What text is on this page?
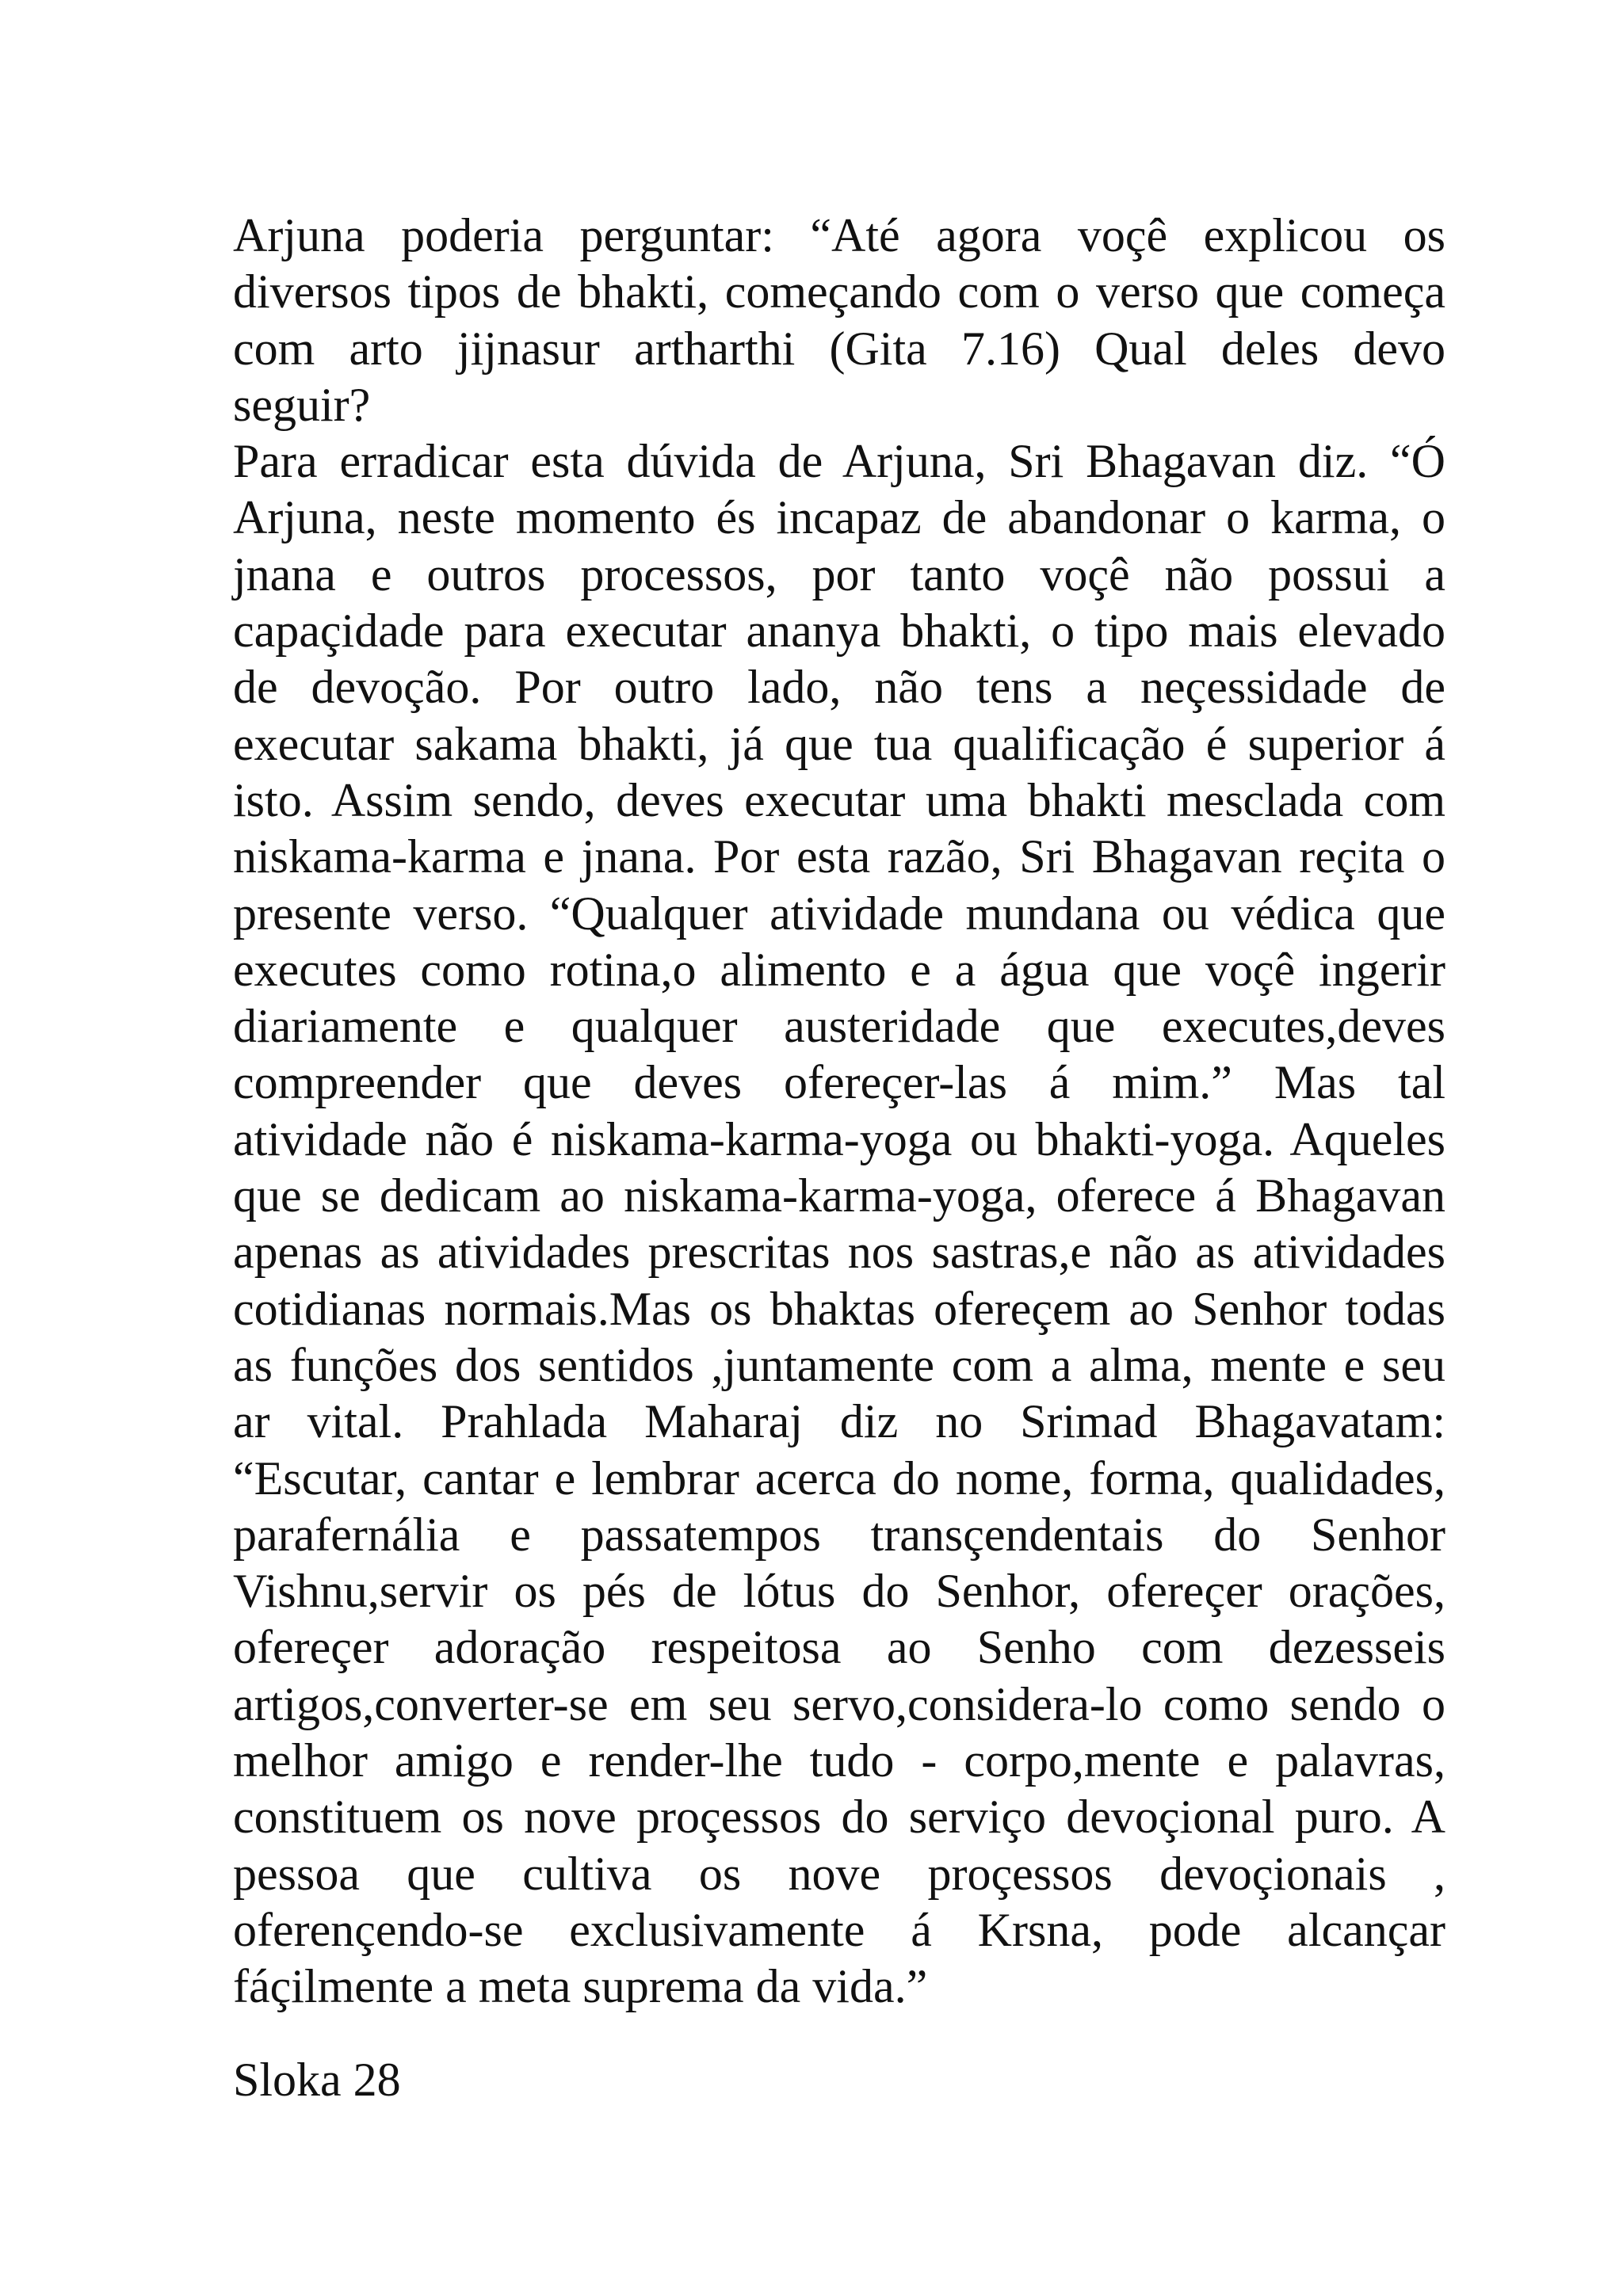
Arjuna poderia perguntar: “Até agora voçê explicou os
diversos tipos de bhakti, começando com o verso que começa
com arto jijnasur artharthi (Gita 7.16) Qual deles devo
seguir?
Para erradicar esta dúvida de Arjuna, Sri Bhagavan diz. “Ó
Arjuna, neste momento és incapaz de abandonar o karma, o
jnana e outros processos, por tanto voçê não possui a
capaçidade para executar ananya bhakti, o tipo mais elevado
de devoção. Por outro lado, não tens a neçessidade de
executar sakama bhakti, já que tua qualificação é superior á
isto. Assim sendo, deves executar uma bhakti mesclada com
niskama-karma e jnana. Por esta razão, Sri Bhagavan reçita o
presente verso. “Qualquer atividade mundana ou védica que
executes como rotina,o alimento e a água que voçê ingerir
diariamente e qualquer austeridade que executes,deves
compreender que deves ofereçer-las á mim.” Mas tal
atividade não é niskama-karma-yoga ou bhakti-yoga. Aqueles
que se dedicam ao niskama-karma-yoga, oferece á Bhagavan
apenas as atividades prescritas nos sastras,e não as atividades
cotidianas normais.Mas os bhaktas ofereçem ao Senhor todas
as funções dos sentidos ,juntamente com a alma, mente e seu
ar vital. Prahlada Maharaj diz no Srimad Bhagavatam:
“Escutar, cantar e lembrar acerca do nome, forma, qualidades,
parafernália e passatempos transçendentais do Senhor
Vishnu,servir os pés de lótus do Senhor, ofereçer orações,
ofereçer adoração respeitosa ao Senho com dezesseis
artigos,converter-se em seu servo,considera-lo como sendo o
melhor amigo e render-lhe tudo - corpo,mente e palavras,
constituem os nove proçessos do serviço devoçional puro. A
pessoa que cultiva os nove proçessos devoçionais ,
oferençendo-se exclusivamente á Krsna, pode alcançar
fáçilmente a meta suprema da vida.”
Sloka 28
